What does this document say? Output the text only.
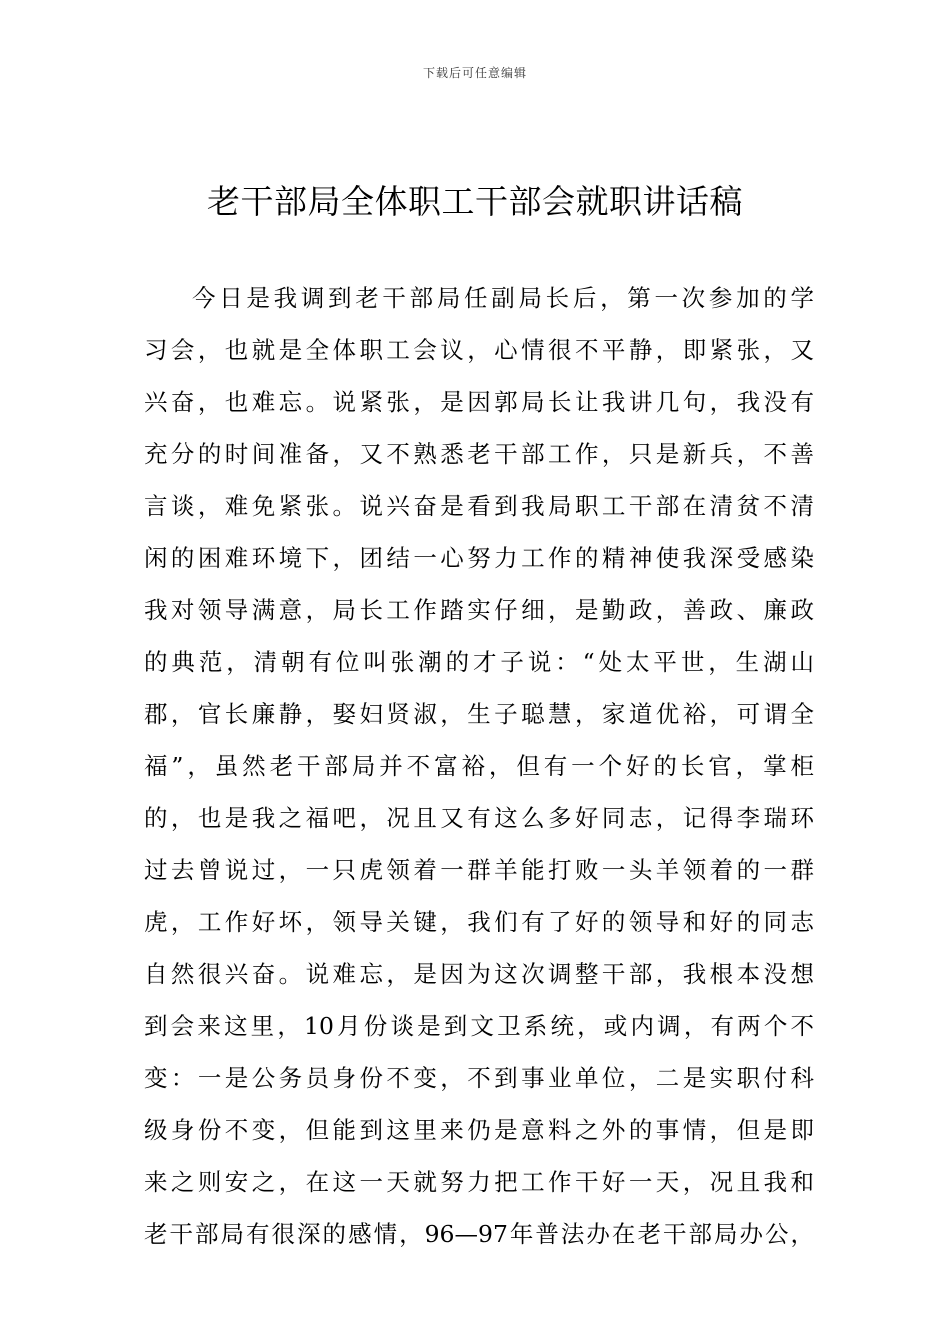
下载后可任意编辑
老干部局全体职工干部会就职讲话稿
今日是我调到老干部局任副局长后，第一次参加的学
习会，也就是全体职工会议，心情很不平静，即紧张，又
兴奋，也难忘。说紧张，是因郭局长让我讲几句，我没有
充分的时间准备，又不熟悉老干部工作，只是新兵，不善
言谈，难免紧张。说兴奋是看到我局职工干部在清贫不清
闲的困难环境下，团结一心努力工作的精神使我深受感染
我对领导满意，局长工作踏实仔细，是勤政，善政、廉政
的典范，清朝有位叫张潮的才子说：“处太平世，生湖山
郡，官长廉静，娶妇贤淑，生子聪慧，家道优裕，可谓全
福”，虽然老干部局并不富裕，但有一个好的长官，掌柜
的，也是我之福吧，况且又有这么多好同志，记得李瑞环
过去曾说过，一只虎领着一群羊能打败一头羊领着的一群
虎，工作好坏，领导关键，我们有了好的领导和好的同志
自然很兴奋。说难忘，是因为这次调整干部，我根本没想
到会来这里，10月份谈是到文卫系统，或内调，有两个不
变：一是公务员身份不变，不到事业单位，二是实职付科
级身份不变，但能到这里来仍是意料之外的事情，但是即
来之则安之，在这一天就努力把工作干好一天，况且我和
老干部局有很深的感情，96—97年普法办在老干部局办公，
